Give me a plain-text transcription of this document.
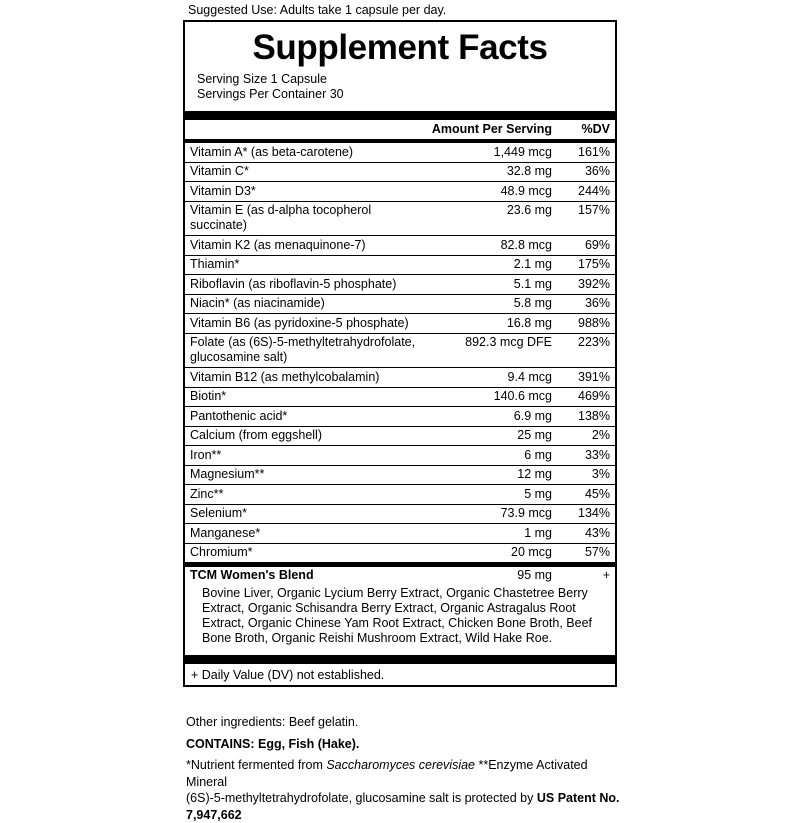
Suggested Use: Adults take 1 capsule per day.
Supplement Facts
Serving Size 1 Capsule
Servings Per Container 30
	Amount Per Serving	%DV
Vitamin A* (as beta-carotene)	1,449 mcg	161%
Vitamin C*	32.8 mg	36%
Vitamin D3*	48.9 mcg	244%
Vitamin E (as d-alpha tocopherol succinate)	23.6 mg	157%
Vitamin K2 (as menaquinone-7)	82.8 mcg	69%
Thiamin*	2.1 mg	175%
Riboflavin (as riboflavin-5 phosphate)	5.1 mg	392%
Niacin* (as niacinamide)	5.8 mg	36%
Vitamin B6 (as pyridoxine-5 phosphate)	16.8 mg	988%
Folate (as (6S)-5-methyltetrahydrofolate, glucosamine salt)	892.3 mcg DFE	223%
Vitamin B12 (as methylcobalamin)	9.4 mcg	391%
Biotin*	140.6 mcg	469%
Pantothenic acid*	6.9 mg	138%
Calcium (from eggshell)	25 mg	2%
Iron**	6 mg	33%
Magnesium**	12 mg	3%
Zinc**	5 mg	45%
Selenium*	73.9 mcg	134%
Manganese*	1 mg	43%
Chromium*	20 mcg	57%
TCM Women's Blend	95 mg	+
Bovine Liver, Organic Lycium Berry Extract, Organic Chastetree Berry Extract, Organic Schisandra Berry Extract, Organic Astragalus Root Extract, Organic Chinese Yam Root Extract, Chicken Bone Broth, Beef Bone Broth, Organic Reishi Mushroom Extract, Wild Hake Roe.
+ Daily Value (DV) not established.
Other ingredients: Beef gelatin.
CONTAINS: Egg, Fish (Hake).
*Nutrient fermented from Saccharomyces cerevisiae **Enzyme Activated Mineral
(6S)-5-methyltetrahydrofolate, glucosamine salt is protected by US Patent No. 7,947,662
